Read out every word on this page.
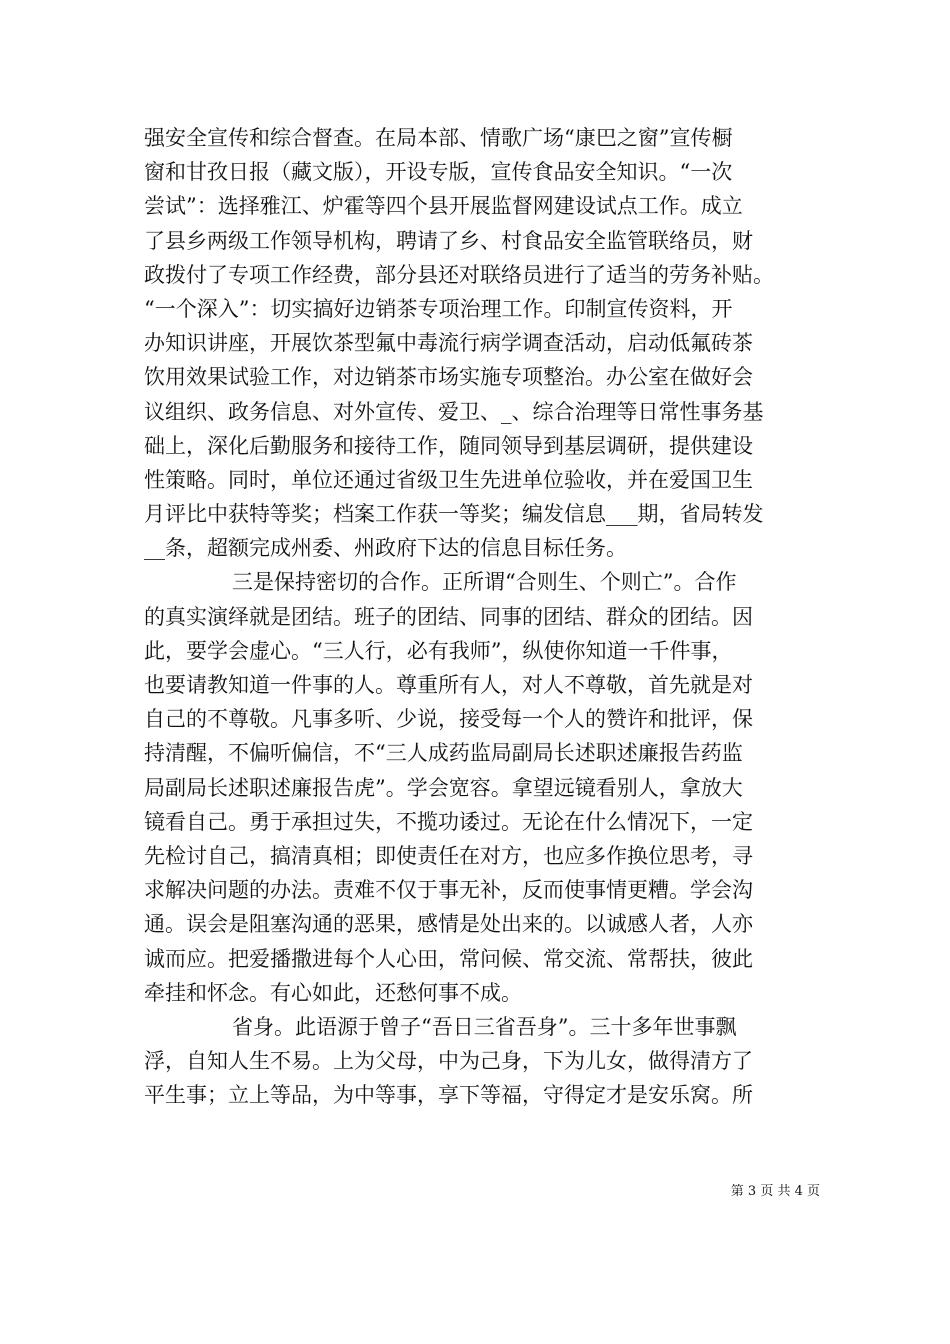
强安全宣传和综合督查。在局本部、情歌广场“康巴之窗”宣传橱
窗和甘孜日报（藏文版），开设专版，宣传食品安全知识。“一次
尝试”：选择雅江、炉霍等四个县开展监督网建设试点工作。成立
了县乡两级工作领导机构，聘请了乡、村食品安全监管联络员，财
政拨付了专项工作经费，部分县还对联络员进行了适当的劳务补贴。
“一个深入”：切实搞好边销茶专项治理工作。印制宣传资料，开
办知识讲座，开展饮茶型氟中毒流行病学调查活动，启动低氟砖茶
饮用效果试验工作，对边销茶市场实施专项整治。办公室在做好会
议组织、政务信息、对外宣传、爱卫、_、综合治理等日常性事务基
础上，深化后勤服务和接待工作，随同领导到基层调研，提供建设
性策略。同时，单位还通过省级卫生先进单位验收，并在爱国卫生
月评比中获特等奖；档案工作获一等奖；编发信息___期，省局转发
__条，超额完成州委、州政府下达的信息目标任务。
三是保持密切的合作。正所谓“合则生、个则亡”。合作
的真实演绎就是团结。班子的团结、同事的团结、群众的团结。因
此，要学会虚心。“三人行，必有我师”，纵使你知道一千件事，
也要请教知道一件事的人。尊重所有人，对人不尊敬，首先就是对
自己的不尊敬。凡事多听、少说，接受每一个人的赞许和批评，保
持清醒，不偏听偏信，不“三人成药监局副局长述职述廉报告药监
局副局长述职述廉报告虎”。学会宽容。拿望远镜看别人，拿放大
镜看自己。勇于承担过失，不揽功诿过。无论在什么情况下，一定
先检讨自己，搞清真相；即使责任在对方，也应多作换位思考，寻
求解决问题的办法。责难不仅于事无补，反而使事情更糟。学会沟
通。误会是阻塞沟通的恶果，感情是处出来的。以诚感人者，人亦
诚而应。把爱播撒进每个人心田，常问候、常交流、常帮扶，彼此
牵挂和怀念。有心如此，还愁何事不成。
省身。此语源于曾子“吾日三省吾身”。三十多年世事飘
浮，自知人生不易。上为父母，中为己身，下为儿女，做得清方了
平生事；立上等品，为中等事，享下等福，守得定才是安乐窝。所
第 3 页 共 4 页
